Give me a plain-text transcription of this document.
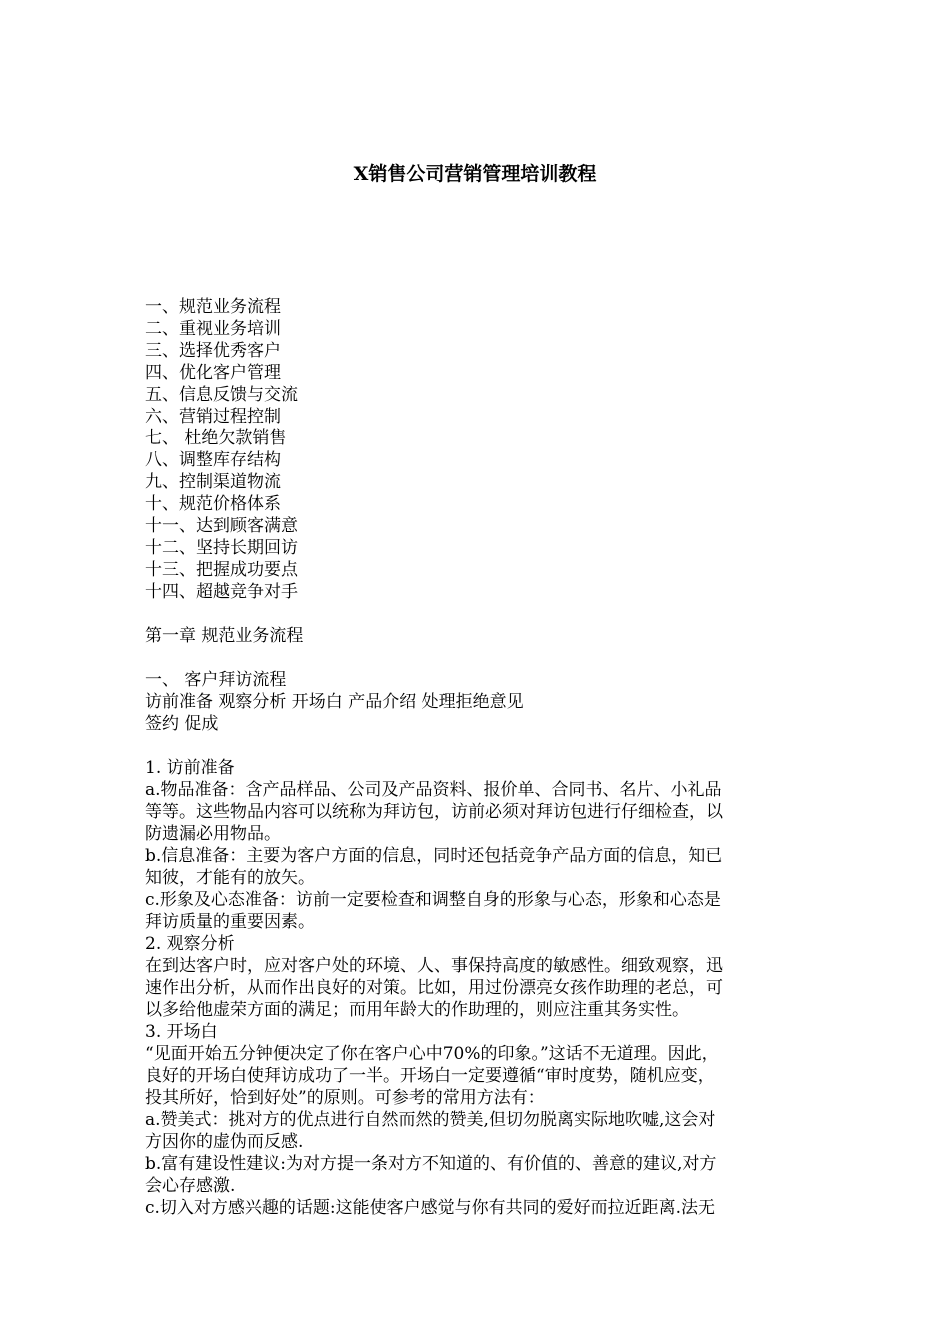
X销售公司营销管理培训教程
一、规范业务流程
二、重视业务培训
三、选择优秀客户
四、优化客户管理
五、信息反馈与交流
六、营销过程控制
七、 杜绝欠款销售
八、调整库存结构
九、控制渠道物流
十、规范价格体系
十一、达到顾客满意
十二、坚持长期回访
十三、把握成功要点
十四、超越竞争对手

第一章 规范业务流程

一、 客户拜访流程

访前准备 观察分析 开场白 产品介绍 处理拒绝意见

签约 促成

1. 访前准备

a.物品准备：含产品样品、公司及产品资料、报价单、合同书、名片、小礼品

等等。这些物品内容可以统称为拜访包，访前必须对拜访包进行仔细检查，以

防遗漏必用物品。

b.信息准备：主要为客户方面的信息，同时还包括竞争产品方面的信息，知已

知彼，才能有的放矢。

c.形象及心态准备：访前一定要检查和调整自身的形象与心态，形象和心态是

拜访质量的重要因素。

2. 观察分析

在到达客户时，应对客户处的环境、人、事保持高度的敏感性。细致观察，迅

速作出分析，从而作出良好的对策。比如，用过份漂亮女孩作助理的老总，可

以多给他虚荣方面的满足；而用年龄大的作助理的，则应注重其务实性。

3. 开场白

“见面开始五分钟便决定了你在客户心中70%的印象。”这话不无道理。因此，

良好的开场白使拜访成功了一半。开场白一定要遵循“审时度势，随机应变，

投其所好，恰到好处”的原则。可参考的常用方法有：

a.赞美式：挑对方的优点进行自然而然的赞美,但切勿脱离实际地吹嘘,这会对

方因你的虚伪而反感.

b.富有建设性建议:为对方提一条对方不知道的、有价值的、善意的建议,对方

会心存感激.

c.切入对方感兴趣的话题:这能使客户感觉与你有共同的爱好而拉近距离.法无
